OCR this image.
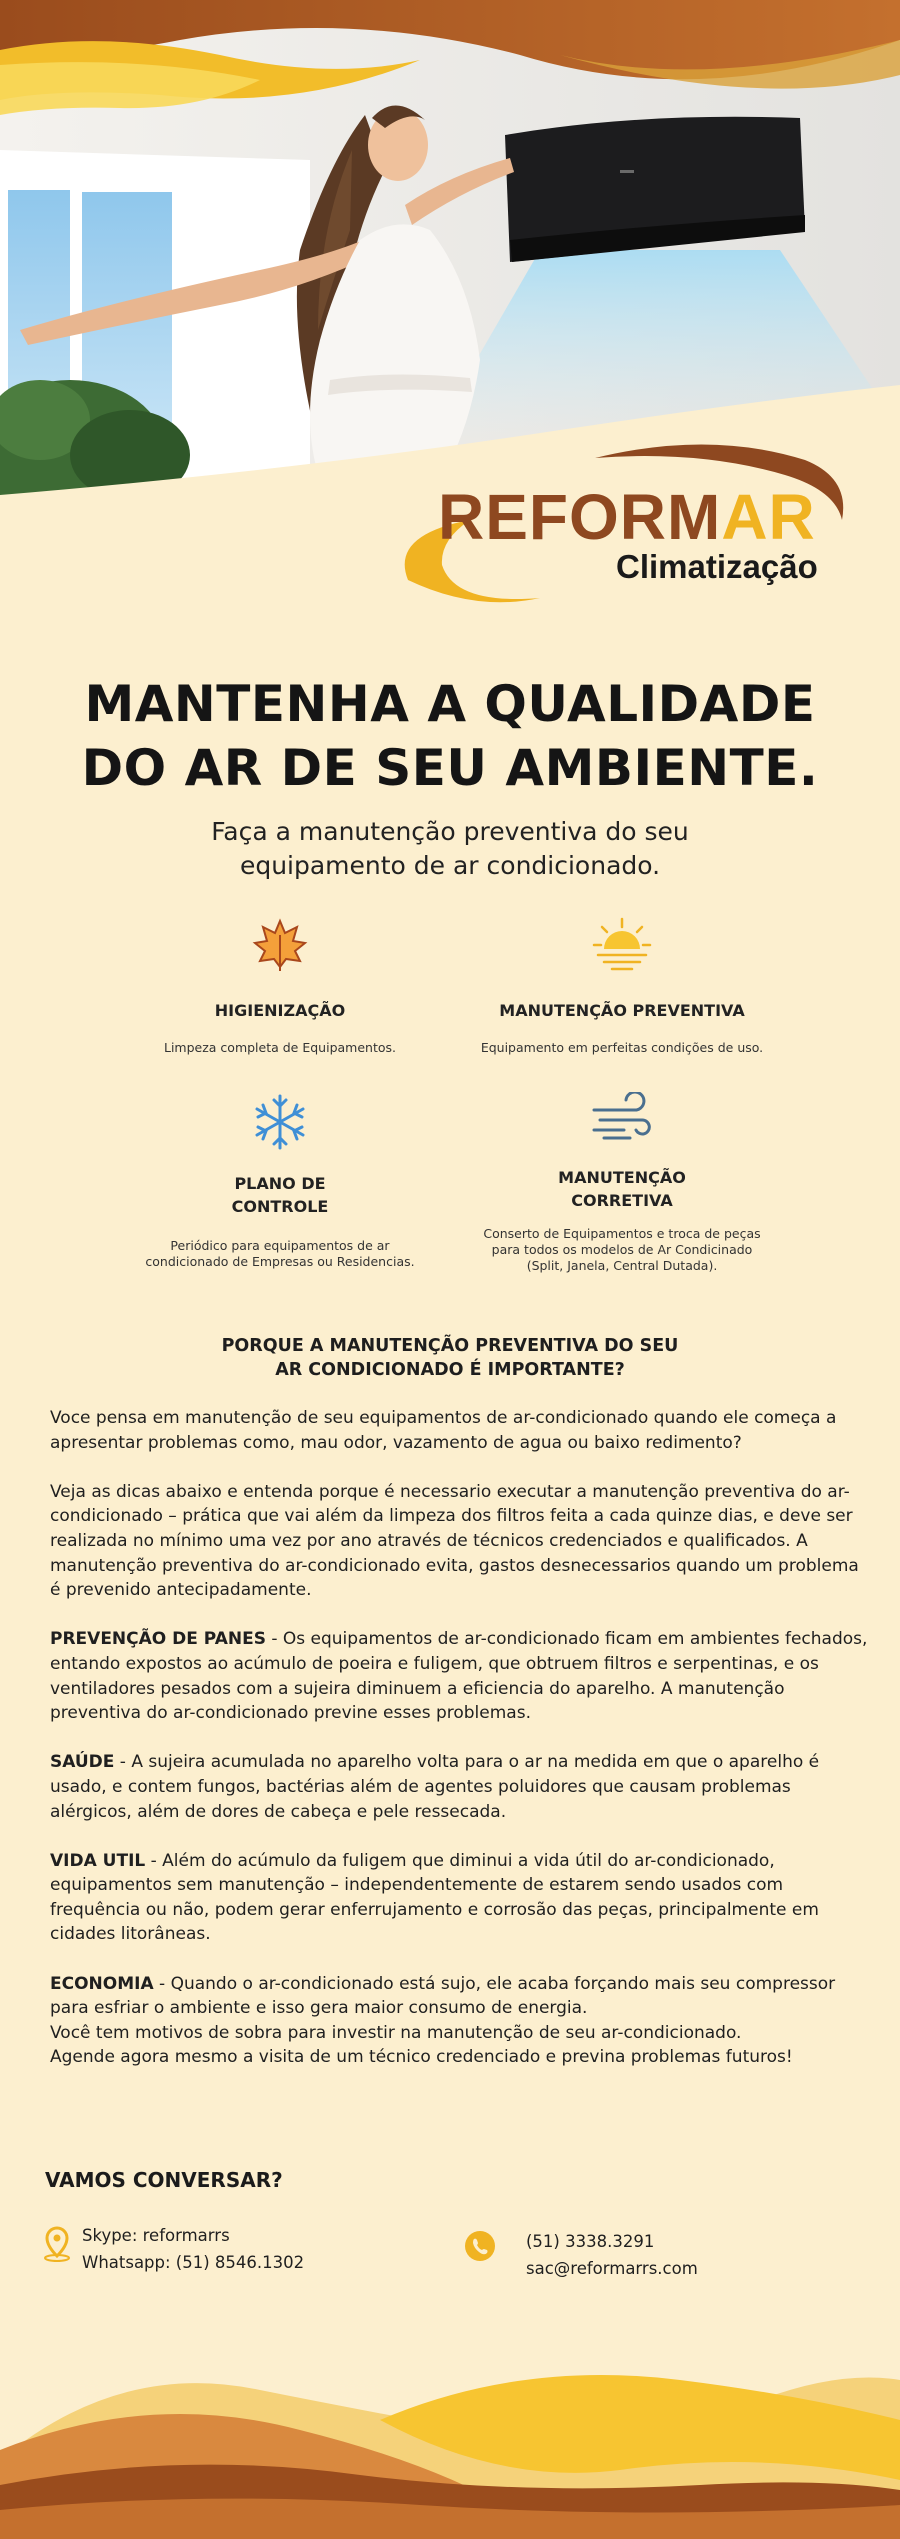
REFORMAR
Climatização
MANTENHA A QUALIDADE
DO AR DE SEU AMBIENTE.
Faça a manutenção preventiva do seu
equipamento de ar condicionado.
HIGIENIZAÇÃO
Limpeza completa de Equipamentos.
MANUTENÇÃO PREVENTIVA
Equipamento em perfeitas condições de uso.
PLANO DE
CONTROLE
Periódico para equipamentos de ar
condicionado de Empresas ou Residencias.
MANUTENÇÃO
CORRETIVA
Conserto de Equipamentos e troca de peças
para todos os modelos de Ar Condicinado
(Split, Janela, Central Dutada).
PORQUE A MANUTENÇÃO PREVENTIVA DO SEU
AR CONDICIONADO É IMPORTANTE?

Voce pensa em manutenção de seu equipamentos de ar-condicionado quando ele começa a apresentar problemas como, mau odor, vazamento de agua ou baixo redimento?

Veja as dicas abaixo e entenda porque é necessario executar a manutenção preventiva do ar-condicionado – prática que vai além da limpeza dos filtros feita a cada quinze dias, e deve ser realizada no mínimo uma vez por ano através de técnicos credenciados e qualificados. A manutenção preventiva do ar-condicionado evita, gastos desnecessarios quando um problema é prevenido antecipadamente.

PREVENÇÃO DE PANES - Os equipamentos de ar-condicionado ficam em ambientes fechados, entando expostos ao acúmulo de poeira e fuligem, que obtruem filtros e serpentinas, e os ventiladores pesados com a sujeira diminuem a eficiencia do aparelho. A manutenção preventiva do ar-condicionado previne esses problemas.

SAÚDE - A sujeira acumulada no aparelho volta para o ar na medida em que o aparelho é usado, e contem fungos, bactérias além de agentes poluidores que causam problemas alérgicos, além de dores de cabeça e pele ressecada.

VIDA UTIL - Além do acúmulo da fuligem que diminui a vida útil do ar-condicionado, equipamentos sem manutenção – independentemente de estarem sendo usados com frequência ou não, podem gerar enferrujamento e corrosão das peças, principalmente em cidades litorâneas.

ECONOMIA - Quando o ar-condicionado está sujo, ele acaba forçando mais seu compressor para esfriar o ambiente e isso gera maior consumo de energia.
Você tem motivos de sobra para investir na manutenção de seu ar-condicionado.
Agende agora mesmo a visita de um técnico credenciado e previna problemas futuros!

VAMOS CONVERSAR?
Skype: reformarrs
Whatsapp: (51) 8546.1302
(51) 3338.3291
sac@reformarrs.com
